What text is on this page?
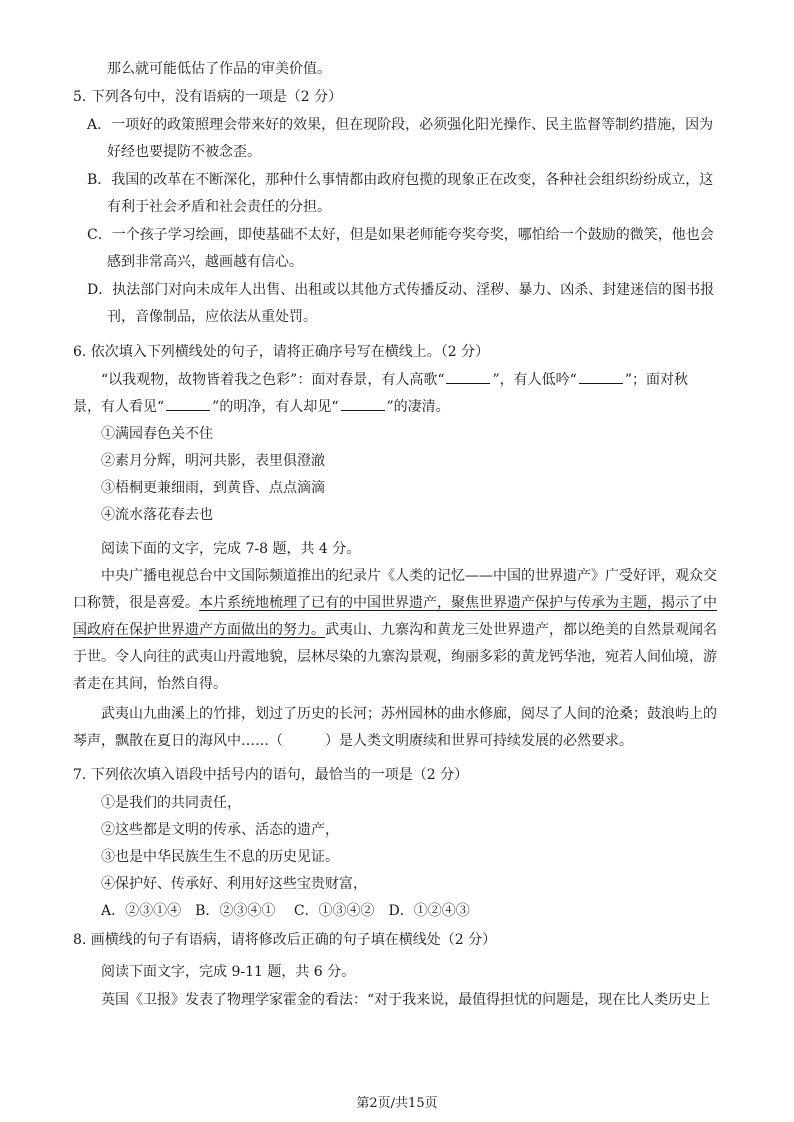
那么就可能低估了作品的审美价值。
5. 下列各句中，没有语病的一项是（2 分）
A．一项好的政策照理会带来好的效果，但在现阶段，必须强化阳光操作、民主监督等制约措施，因为
好经也要提防不被念歪。
B．我国的改革在不断深化，那种什么事情都由政府包揽的现象正在改变，各种社会组织纷纷成立，这
有利于社会矛盾和社会责任的分担。
C．一个孩子学习绘画，即使基础不太好，但是如果老师能夸奖夸奖，哪怕给一个鼓励的微笑，他也会
感到非常高兴，越画越有信心。
D．执法部门对向未成年人出售、出租或以其他方式传播反动、淫秽、暴力、凶杀、封建迷信的图书报
刊，音像制品，应依法从重处罚。
6. 依次填入下列横线处的句子，请将正确序号写在横线上。（2 分）
“以我观物，故物皆着我之色彩”：面对春景，有人高歌“	”，有人低吟“	”；面对秋
景，有人看见“	”的明净，有人却见“	”的凄清。
①满园春色关不住
②素月分辉，明河共影，表里俱澄澈
③梧桐更兼细雨，到黄昏、点点滴滴
④流水落花春去也
阅读下面的文字，完成 7-8 题，共 4 分。
中央广播电视总台中文国际频道推出的纪录片《人类的记忆——中国的世界遗产》广受好评，观众交
口称赞，很是喜爱。本片系统地梳理了已有的中国世界遗产，聚焦世界遗产保护与传承为主题，揭示了中
国政府在保护世界遗产方面做出的努力。武夷山、九寨沟和黄龙三处世界遗产，都以绝美的自然景观闻名
于世。令人向往的武夷山丹霞地貌，层林尽染的九寨沟景观，绚丽多彩的黄龙钙华池，宛若人间仙境，游
者走在其间，怡然自得。
武夷山九曲溪上的竹排，划过了历史的长河；苏州园林的曲水修廊，阅尽了人间的沧桑；鼓浪屿上的
琴声，飘散在夏日的海风中……（	）是人类文明赓续和世界可持续发展的必然要求。
7. 下列依次填入语段中括号内的语句，最恰当的一项是（2 分）
①是我们的共同责任，
②这些都是文明的传承、活态的遗产，
③也是中华民族生生不息的历史见证。
④保护好、传承好、利用好这些宝贵财富，
A．②③①④　B．②③④①　 C．①③④②　D．①②④③
8. 画横线的句子有语病，请将修改后正确的句子填在横线处（2 分）
阅读下面文字，完成 9-11 题，共 6 分。
英国《卫报》发表了物理学家霍金的看法：“对于我来说，最值得担忧的问题是，现在比人类历史上
第2页/共15页
